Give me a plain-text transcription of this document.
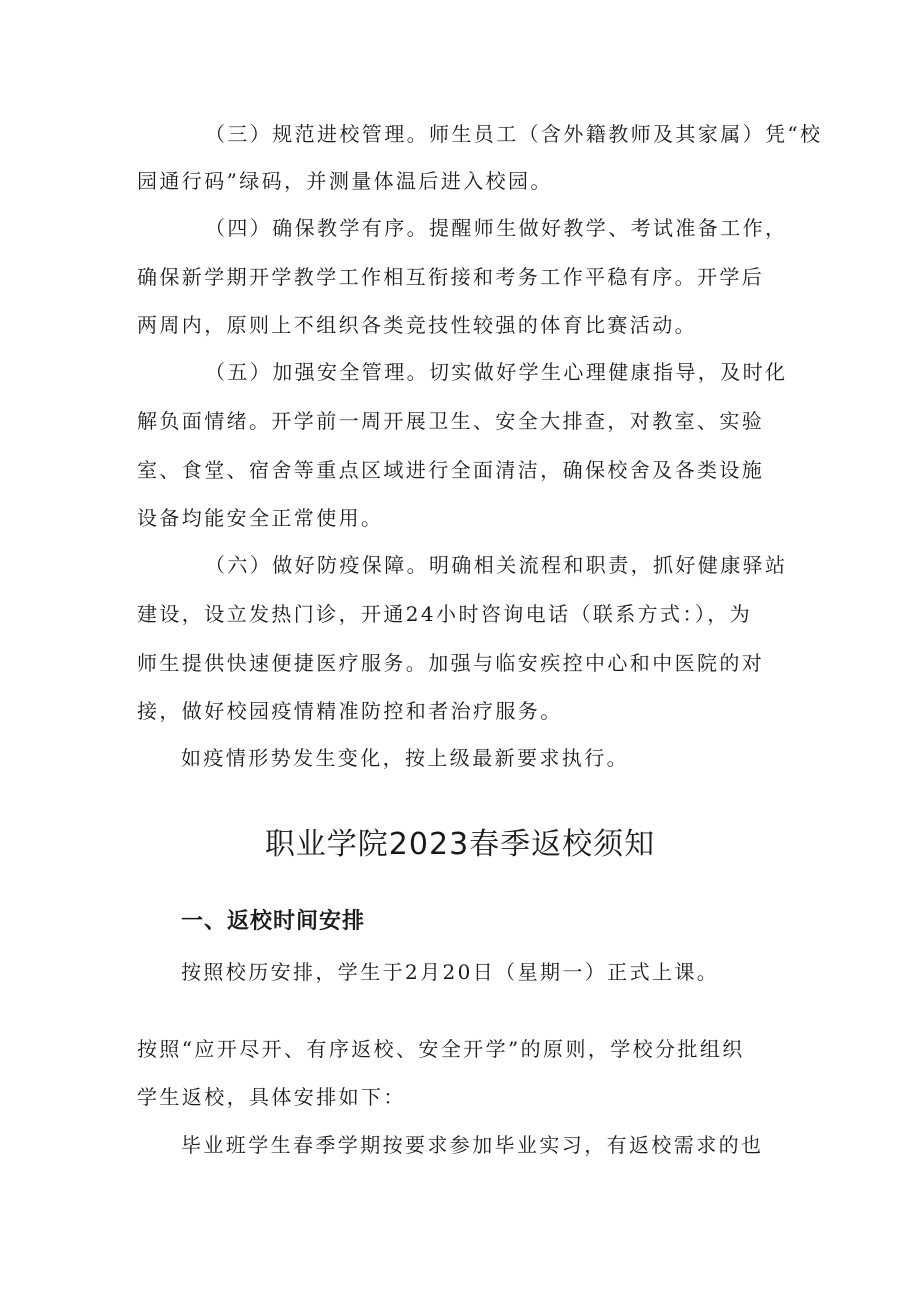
（三）规范进校管理。师生员工（含外籍教师及其家属）凭“校
园通行码”绿码，并测量体温后进入校园。
（四）确保教学有序。提醒师生做好教学、考试准备工作，
确保新学期开学教学工作相互衔接和考务工作平稳有序。开学后
两周内，原则上不组织各类竞技性较强的体育比赛活动。
（五）加强安全管理。切实做好学生心理健康指导，及时化
解负面情绪。开学前一周开展卫生、安全大排查，对教室、实验
室、食堂、宿舍等重点区域进行全面清洁，确保校舍及各类设施
设备均能安全正常使用。
（六）做好防疫保障。明确相关流程和职责，抓好健康驿站
建设，设立发热门诊，开通24小时咨询电话（联系方式：），为
师生提供快速便捷医疗服务。加强与临安疾控中心和中医院的对
接，做好校园疫情精准防控和者治疗服务。
如疫情形势发生变化，按上级最新要求执行。
职业学院2023春季返校须知
一、返校时间安排
按照校历安排，学生于2月20日（星期一）正式上课。
按照“应开尽开、有序返校、安全开学”的原则，学校分批组织
学生返校，具体安排如下：
毕业班学生春季学期按要求参加毕业实习，有返校需求的也
